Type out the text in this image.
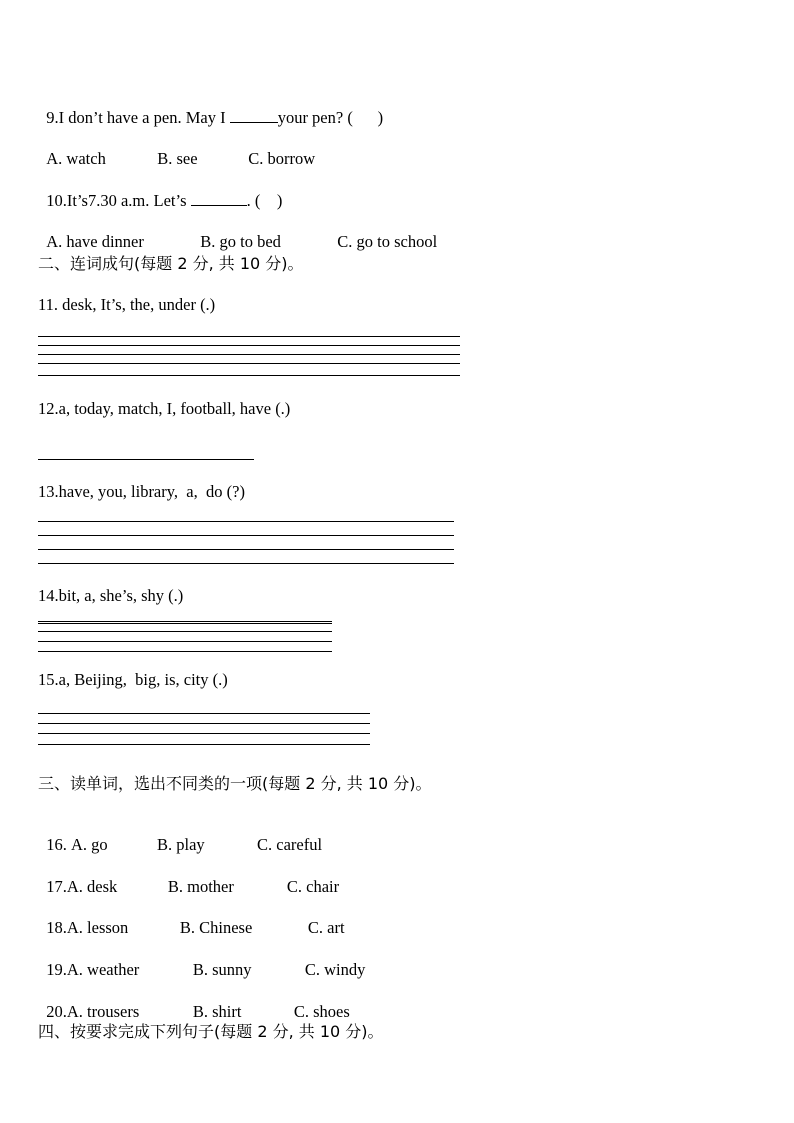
9.I don’t have a pen. May I	your pen? (      )

A. watch	B. see	C. borrow

10.It’s7.30 a.m. Let’s	. (    )

A. have dinner	B. go to bed	C. go to school

二、连词成句(每题 2 分, 共 10 分)。
11. desk, It’s, the, under (.)
12.a, today, match, I, football, have (.)
13.have, you, library,  a,  do (?)
14.bit, a, she’s, shy (.)
15.a, Beijing,  big, is, city (.)
三、读单词，选出不同类的一项(每题 2 分, 共 10 分)。

16. A. go	B. play	C. careful

17.A. desk	B. mother	C. chair

18.A. lesson	B. Chinese	C. art

19.A. weather	B. sunny	C. windy

20.A. trousers	B. shirt	C. shoes

四、按要求完成下列句子(每题 2 分, 共 10 分)。
